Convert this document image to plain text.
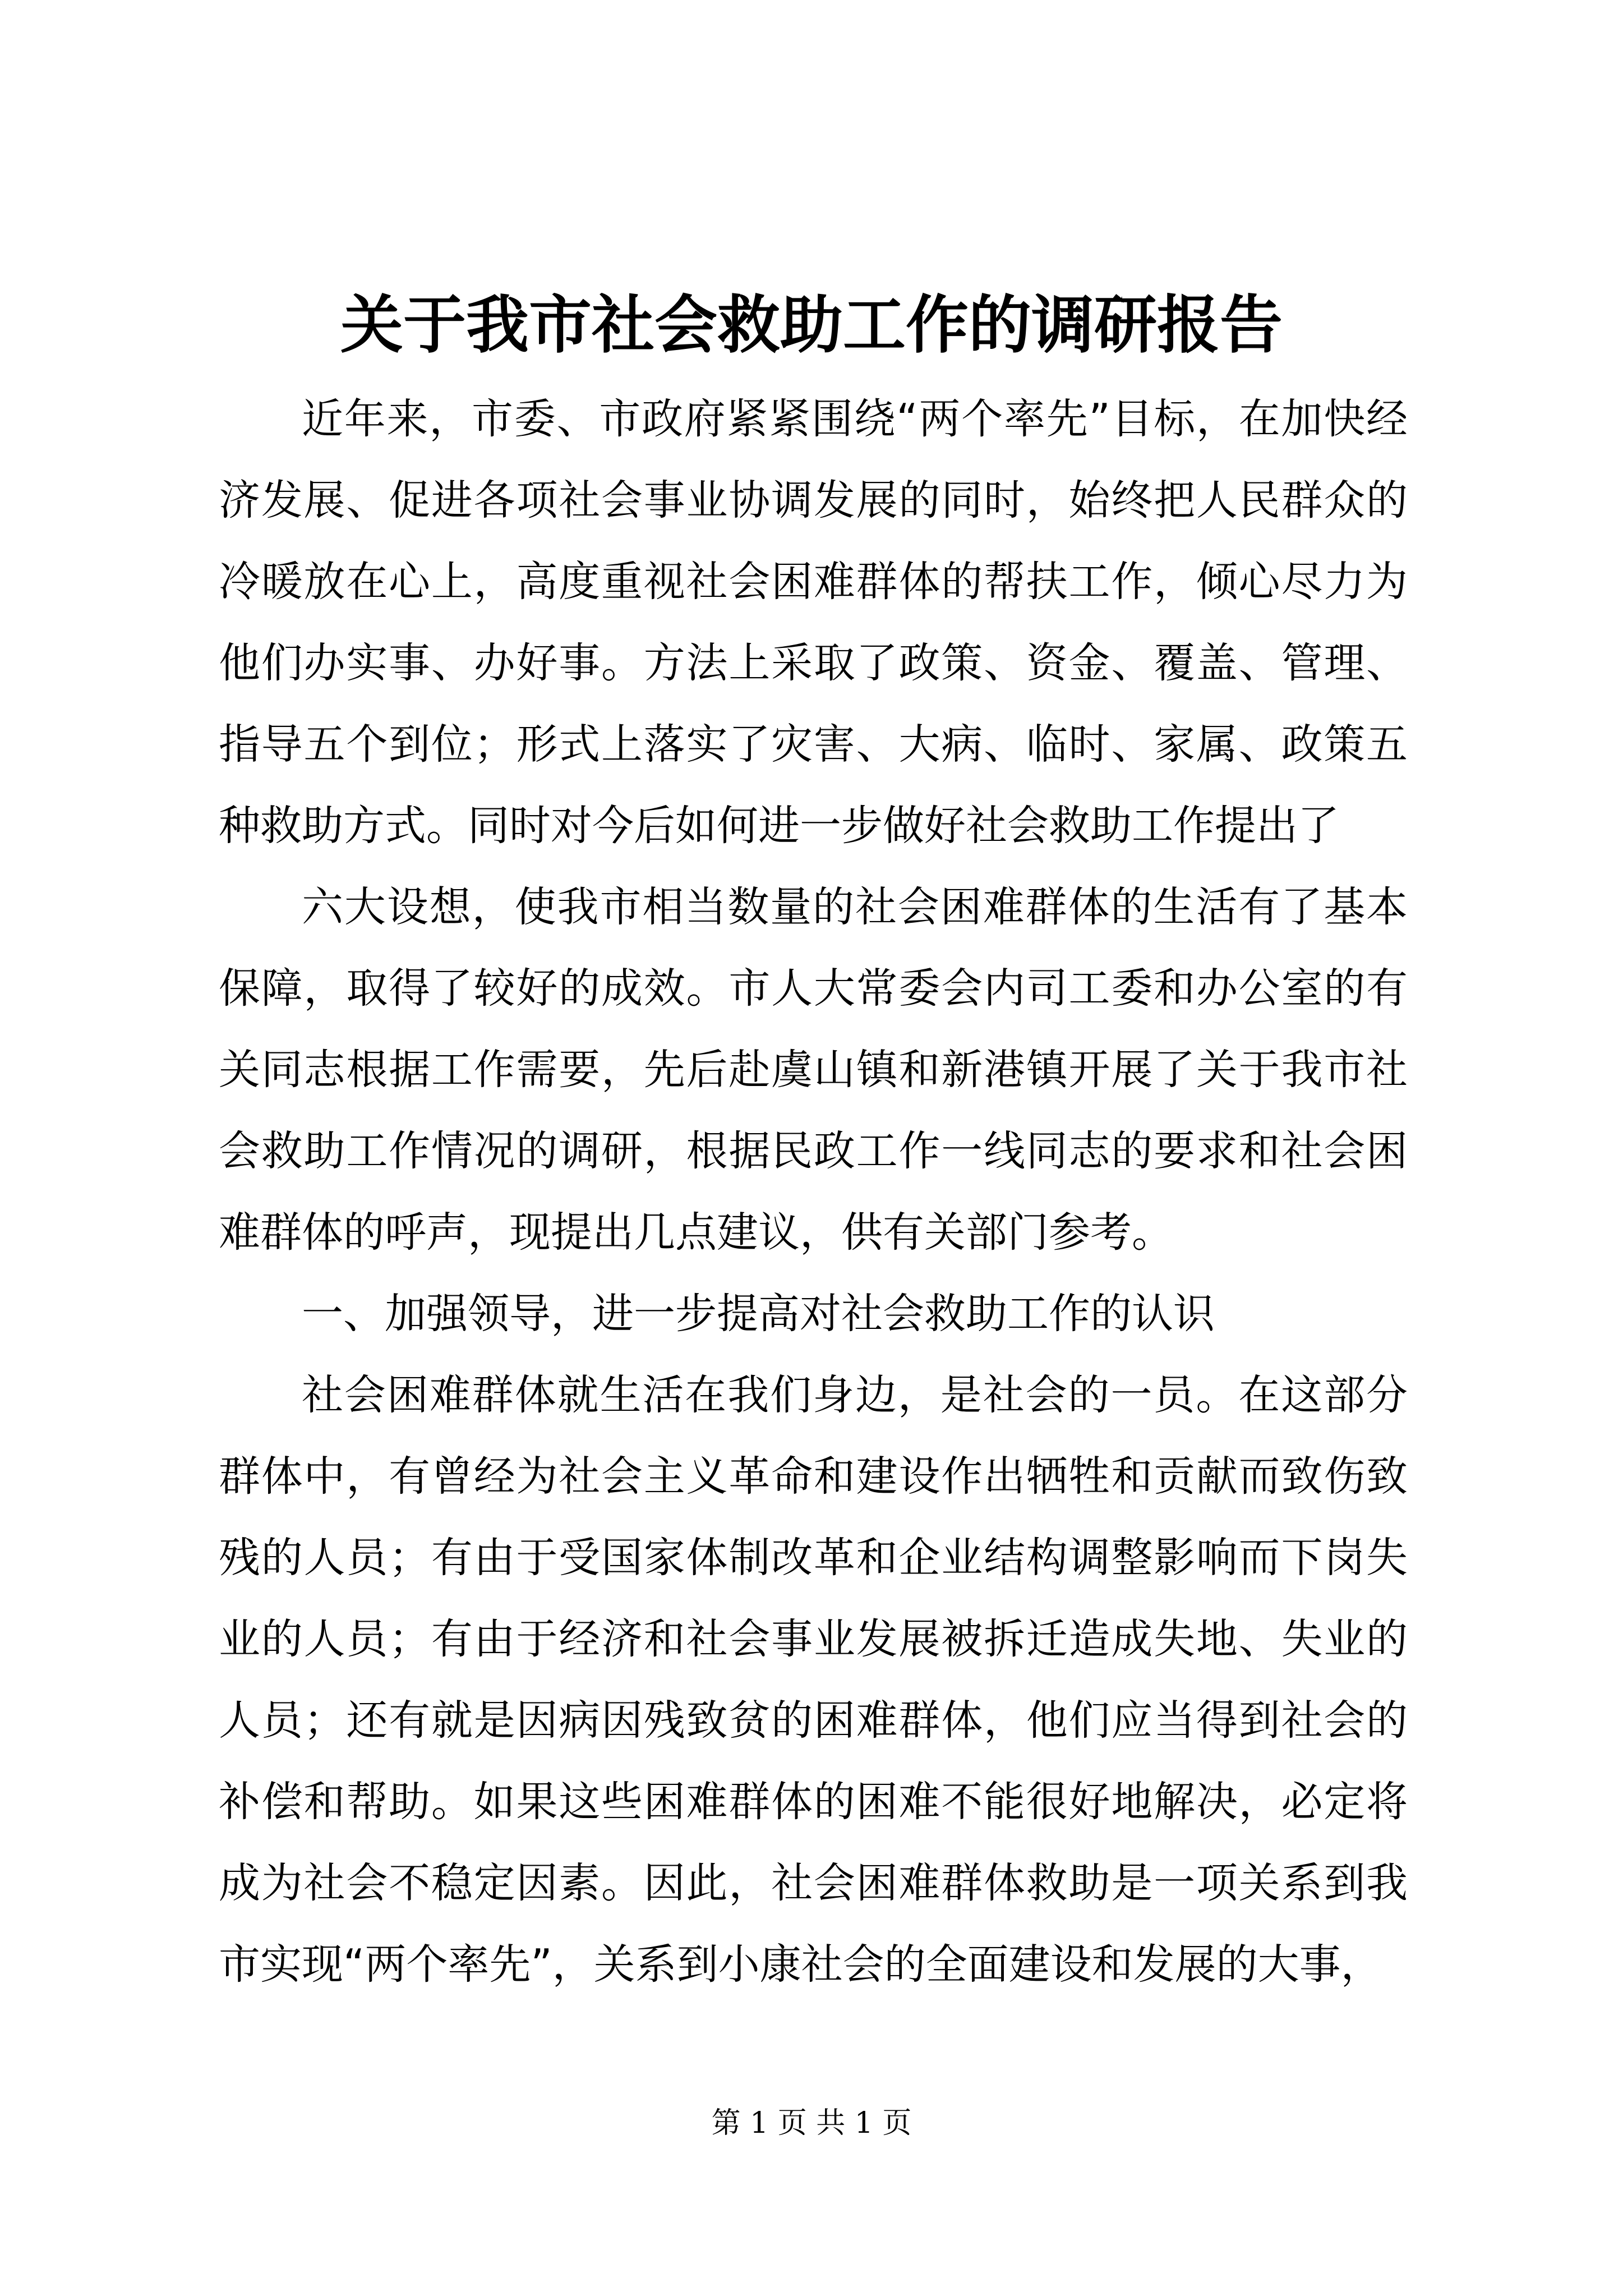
关于我市社会救助工作的调研报告

近年来，市委、市政府紧紧围绕“两个率先”目标，在加快经济发展、促进各项社会事业协调发展的同时，始终把人民群众的冷暖放在心上，高度重视社会困难群体的帮扶工作，倾心尽力为他们办实事、办好事。方法上采取了政策、资金、覆盖、管理、指导五个到位；形式上落实了灾害、大病、临时、家属、政策五种救助方式。同时对今后如何进一步做好社会救助工作提出了

六大设想，使我市相当数量的社会困难群体的生活有了基本保障，取得了较好的成效。市人大常委会内司工委和办公室的有关同志根据工作需要，先后赴虞山镇和新港镇开展了关于我市社会救助工作情况的调研，根据民政工作一线同志的要求和社会困难群体的呼声，现提出几点建议，供有关部门参考。

一、加强领导，进一步提高对社会救助工作的认识

社会困难群体就生活在我们身边，是社会的一员。在这部分群体中，有曾经为社会主义革命和建设作出牺牲和贡献而致伤致残的人员；有由于受国家体制改革和企业结构调整影响而下岗失业的人员；有由于经济和社会事业发展被拆迁造成失地、失业的人员；还有就是因病因残致贫的困难群体，他们应当得到社会的补偿和帮助。如果这些困难群体的困难不能很好地解决，必定将成为社会不稳定因素。因此，社会困难群体救助是一项关系到我市实现“两个率先”，关系到小康社会的全面建设和发展的大事，

第 1 页 共 1 页
